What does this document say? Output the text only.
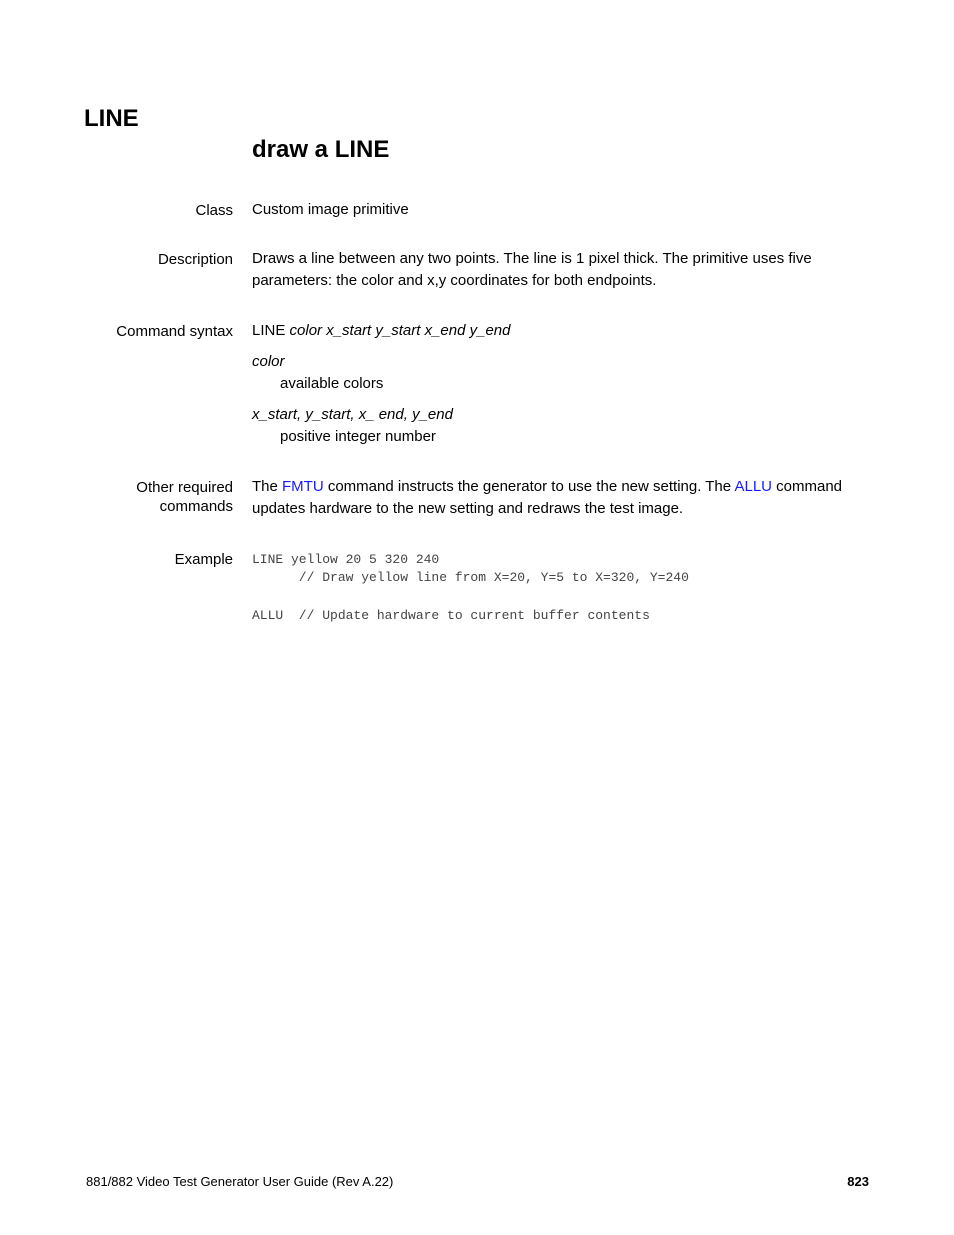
LINE
draw a LINE
Class Custom image primitive
Description Draws a line between any two points. The line is 1 pixel thick. The primitive uses five
parameters: the color and x,y coordinates for both endpoints.
Command syntax LINE color x_start y_start x_end y_end
color
available colors
x_start, y_start, x_ end, y_end
positive integer number
Other required
commands
The FMTU command instructs the generator to use the new setting. The ALLU command
updates hardware to the new setting and redraws the test image.
Example LINE yellow 20 5 320 240
// Draw yellow line from X=20, Y=5 to X=320, Y=240
ALLU  // Update hardware to current buffer contents
881/882 Video Test Generator User Guide (Rev A.22)	823
